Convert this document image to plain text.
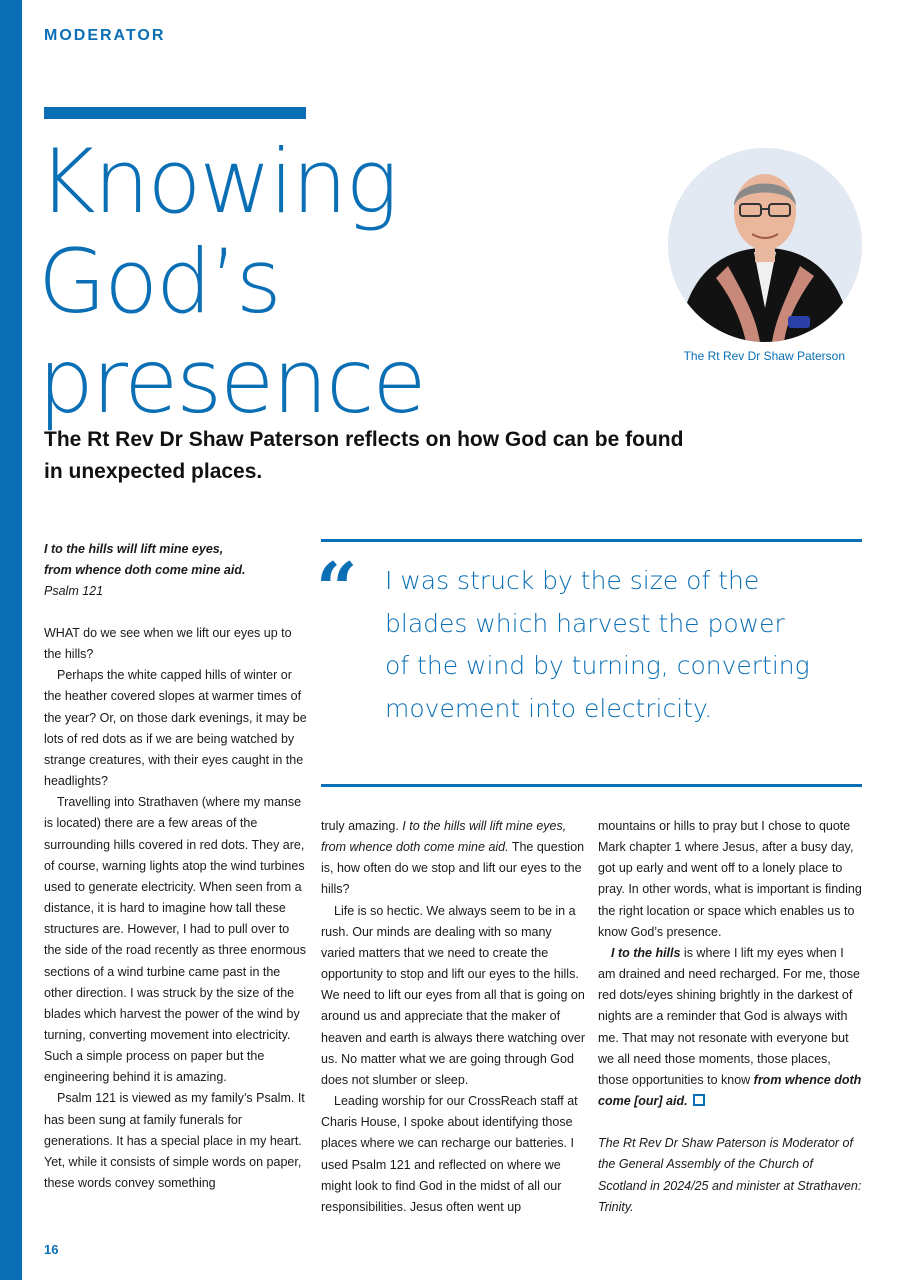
MODERATOR
Knowing God’s
presence	The Rt Rev Dr Shaw Paterson
The Rt Rev Dr Shaw Paterson reflects on how God can be found
in unexpected places.
I to the hills will lift mine eyes,
from whence doth come mine aid.
Psalm 121	“ I was struck by the size of the
blades which harvest the power
of the wind by turning, converting
movement into electricity.

WHAT do we see when we lift our eyes up to the hills?

Perhaps the white capped hills of winter or the heather covered slopes at warmer times of the year? Or, on those dark evenings, it may be lots of red dots as if we are being watched by strange creatures, with their eyes caught in the headlights?

Travelling into Strathaven (where my manse is located) there are a few areas of the surrounding hills covered in red dots. They are, of course, warning lights atop the wind turbines used to generate electricity. When seen from a distance, it is hard to imagine how tall these structures are. However, I had to pull over to the side of the road recently as three enormous sections of a wind turbine came past in the other direction. I was struck by the size of the blades which harvest the power of the wind by turning, converting movement into electricity. Such a simple process on paper but the engineering behind it is amazing.

Psalm 121 is viewed as my family’s Psalm. It has been sung at family funerals for generations. It has a special place in my heart. Yet, while it consists of simple words on paper, these words convey something

truly amazing. I to the hills will lift mine eyes, from whence doth come mine aid. The question is, how often do we stop and lift our eyes to the hills?

Life is so hectic. We always seem to be in a rush. Our minds are dealing with so many varied matters that we need to create the opportunity to stop and lift our eyes to the hills. We need to lift our eyes from all that is going on around us and appreciate that the maker of heaven and earth is always there watching over us. No matter what we are going through God does not slumber or sleep.

Leading worship for our CrossReach staff at Charis House, I spoke about identifying those places where we can recharge our batteries. I used Psalm 121 and reflected on where we might look to find God in the midst of all our responsibilities. Jesus often went up

mountains or hills to pray but I chose to quote Mark chapter 1 where Jesus, after a busy day, got up early and went off to a lonely place to pray. In other words, what is important is finding the right location or space which enables us to know God’s presence.

I to the hills is where I lift my eyes when I am drained and need recharged. For me, those red dots/eyes shining brightly in the darkest of nights are a reminder that God is always with me. That may not resonate with everyone but we all need those moments, those places, those opportunities to know from whence doth come [our] aid.

The Rt Rev Dr Shaw Paterson is Moderator of the General Assembly of the Church of Scotland in 2024/25 and minister at Strathaven: Trinity.

16
